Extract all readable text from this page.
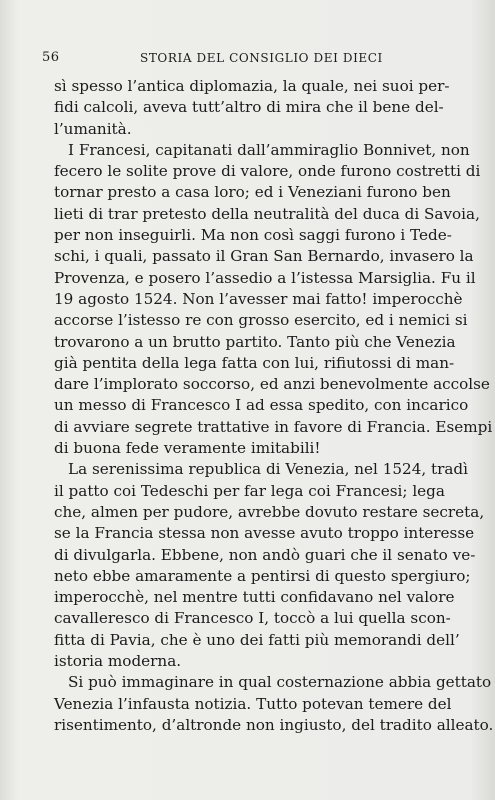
56	STORIA DEL CONSIGLIO DEI DIECI
sì spesso l’antica diplomazia, la quale, nei suoi per-
fidi calcoli, aveva tutt’altro di mira che il bene del-
l’umanità.
I Francesi, capitanati dall’ammiraglio Bonnivet, non
fecero le solite prove di valore, onde furono costretti di
tornar presto a casa loro; ed i Veneziani furono ben
lieti di trar pretesto della neutralità del duca di Savoia,
per non inseguirli. Ma non così saggi furono i Tede-
schi, i quali, passato il Gran San Bernardo, invasero la
Provenza, e posero l’assedio a l’istessa Marsiglia. Fu il
19 agosto 1524. Non l’avesser mai fatto! imperocchè
accorse l’istesso re con grosso esercito, ed i nemici si
trovarono a un brutto partito. Tanto più che Venezia
già pentita della lega fatta con lui, rifiutossi di man-
dare l’implorato soccorso, ed anzi benevolmente accolse
un messo di Francesco I ad essa spedito, con incarico
di avviare segrete trattative in favore di Francia. Esempi
di buona fede veramente imitabili!
La serenissima republica di Venezia, nel 1524, tradì
il patto coi Tedeschi per far lega coi Francesi; lega
che, almen per pudore, avrebbe dovuto restare secreta,
se la Francia stessa non avesse avuto troppo interesse
di divulgarla. Ebbene, non andò guari che il senato ve-
neto ebbe amaramente a pentirsi di questo spergiuro;
imperocchè, nel mentre tutti confidavano nel valore
cavalleresco di Francesco I, toccò a lui quella scon-
fitta di Pavia, che è uno dei fatti più memorandi dell’
istoria moderna.
Si può immaginare in qual costernazione abbia gettato
Venezia l’infausta notizia. Tutto potevan temere del
risentimento, d’altronde non ingiusto, del tradito alleato.
